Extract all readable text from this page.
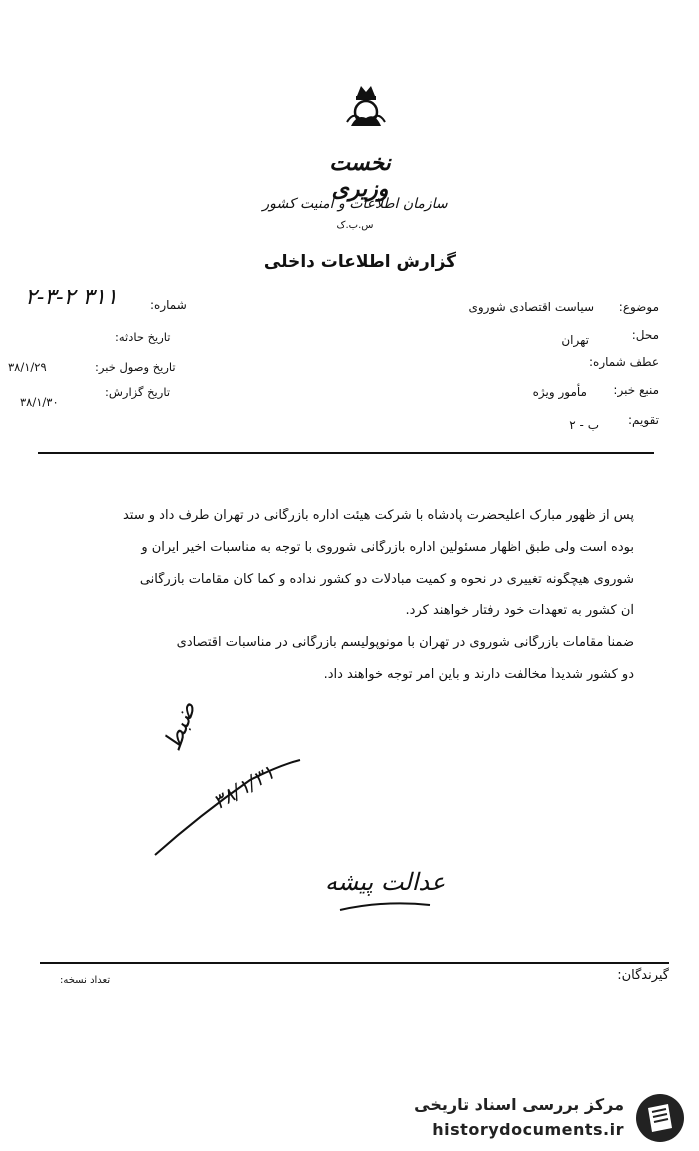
نخست وزیری
سازمان اطلاعات و امنیت کشور
س.ب.ک
گزارش اطلاعات داخلی
شماره:
۳۱۱ ۲-۳-۲
تاریخ حادثه:
تاریخ وصول خبر:
۳۸/۱/۲۹
تاریخ گزارش:
۳۸/۱/۳۰
موضوع:
سیاست اقتصادی شوروی
محل:
تهران
عطف شماره:
منبع خبر:
مأمور ویژه
تقویم:
ب - ۲
پس از ظهور مبارک اعلیحضرت پادشاه با شرکت هیئت اداره بازرگانی در تهران طرف داد و ستد
بوده است ولی طبق اظهار مسئولین اداره بازرگانی شوروی با توجه به مناسبات اخیر ایران و
شوروی هیچگونه تغییری در نحوه و کمیت مبادلات دو کشور نداده و کما کان مقامات بازرگانی
آن کشور به تعهدات خود رفتار خواهند کرد.
ضمناً مقامات بازرگانی شوروی در تهران با مونوپولیسم بازرگانی در مناسبات اقتصادی
دو کشور شدیداً مخالفت دارند و باین امر توجه خواهند داد.
ضبط
۳۸/۱/۳۱
عدالت پیشه
گیرندگان:
تعداد نسخه:
مرکز بررسی اسناد تاریخی
historydocuments.ir
